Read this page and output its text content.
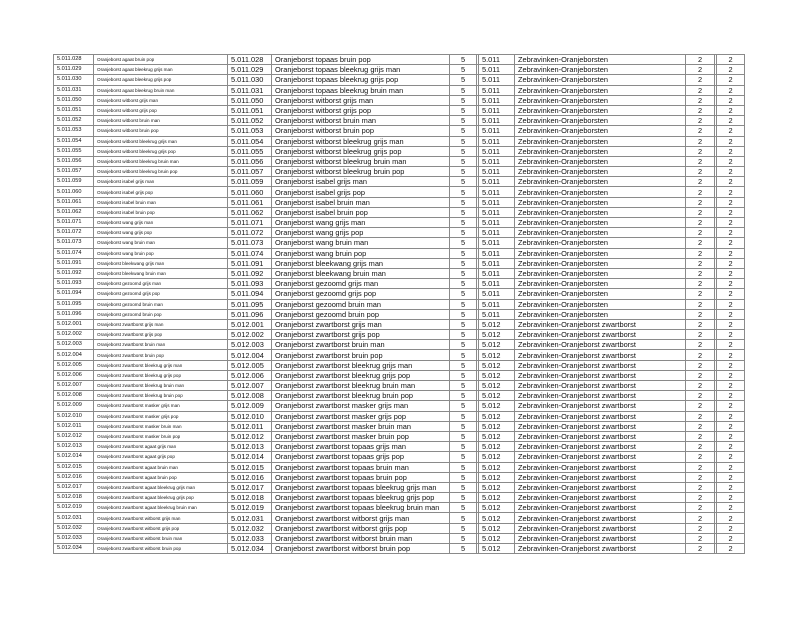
5.011.028	Oranjeborst agaat bruin pop	5.011.028	Oranjeborst topaas bruin pop	5		5.011	Zebravinken-Oranjeborsten	2		2
5.011.029	Oranjeborst agaat bleekrug grijs man	5.011.029	Oranjeborst topaas bleekrug grijs man	5		5.011	Zebravinken-Oranjeborsten	2		2
5.011.030	Oranjeborst agaat bleekrug grijs pop	5.011.030	Oranjeborst topaas bleekrug grijs pop	5		5.011	Zebravinken-Oranjeborsten	2		2
5.011.031	Oranjeborst agaat bleekrug bruin man	5.011.031	Oranjeborst topaas bleekrug bruin man	5		5.011	Zebravinken-Oranjeborsten	2		2
5.011.050	Oranjeborst witborst grijs man	5.011.050	Oranjeborst witborst grijs man	5		5.011	Zebravinken-Oranjeborsten	2		2
5.011.051	Oranjeborst witborst grijs pop	5.011.051	Oranjeborst witborst grijs pop	5		5.011	Zebravinken-Oranjeborsten	2		2
5.011.052	Oranjeborst witborst bruin man	5.011.052	Oranjeborst witborst bruin man	5		5.011	Zebravinken-Oranjeborsten	2		2
5.011.053	Oranjeborst witborst bruin pop	5.011.053	Oranjeborst witborst bruin pop	5		5.011	Zebravinken-Oranjeborsten	2		2
5.011.054	Oranjeborst witborst bleekrug grijs man	5.011.054	Oranjeborst witborst bleekrug grijs man	5		5.011	Zebravinken-Oranjeborsten	2		2
5.011.055	Oranjeborst witborst bleekrug grijs pop	5.011.055	Oranjeborst witborst bleekrug grijs pop	5		5.011	Zebravinken-Oranjeborsten	2		2
5.011.056	Oranjeborst witborst bleekrug bruin man	5.011.056	Oranjeborst witborst bleekrug bruin man	5		5.011	Zebravinken-Oranjeborsten	2		2
5.011.057	Oranjeborst witborst bleekrug bruin pop	5.011.057	Oranjeborst witborst bleekrug bruin pop	5		5.011	Zebravinken-Oranjeborsten	2		2
5.011.059	Oranjeborst isabel grijs man	5.011.059	Oranjeborst isabel grijs man	5		5.011	Zebravinken-Oranjeborsten	2		2
5.011.060	Oranjeborst isabel grijs pop	5.011.060	Oranjeborst isabel grijs pop	5		5.011	Zebravinken-Oranjeborsten	2		2
5.011.061	Oranjeborst isabel bruin man	5.011.061	Oranjeborst isabel bruin man	5		5.011	Zebravinken-Oranjeborsten	2		2
5.011.062	Oranjeborst isabel bruin pop	5.011.062	Oranjeborst isabel bruin pop	5		5.011	Zebravinken-Oranjeborsten	2		2
5.011.071	Oranjeborst wang grijs man	5.011.071	Oranjeborst wang grijs man	5		5.011	Zebravinken-Oranjeborsten	2		2
5.011.072	Oranjeborst wang grijs pop	5.011.072	Oranjeborst wang grijs pop	5		5.011	Zebravinken-Oranjeborsten	2		2
5.011.073	Oranjeborst wang bruin man	5.011.073	Oranjeborst wang bruin man	5		5.011	Zebravinken-Oranjeborsten	2		2
5.011.074	Oranjeborst wang bruin pop	5.011.074	Oranjeborst wang bruin pop	5		5.011	Zebravinken-Oranjeborsten	2		2
5.011.091	Oranjeborst bleekwang grijs man	5.011.091	Oranjeborst bleekwang grijs man	5		5.011	Zebravinken-Oranjeborsten	2		2
5.011.092	Oranjeborst bleekwang bruin man	5.011.092	Oranjeborst bleekwang bruin man	5		5.011	Zebravinken-Oranjeborsten	2		2
5.011.093	Oranjeborst gezoomd grijs man	5.011.093	Oranjeborst gezoomd grijs man	5		5.011	Zebravinken-Oranjeborsten	2		2
5.011.094	Oranjeborst gezoomd grijs pop	5.011.094	Oranjeborst gezoomd grijs pop	5		5.011	Zebravinken-Oranjeborsten	2		2
5.011.095	Oranjeborst gezoomd bruin man	5.011.095	Oranjeborst gezoomd bruin man	5		5.011	Zebravinken-Oranjeborsten	2		2
5.011.096	Oranjeborst gezoomd bruin pop	5.011.096	Oranjeborst gezoomd bruin pop	5		5.011	Zebravinken-Oranjeborsten	2		2
5.012.001	Oranjeborst zwartborst grijs man	5.012.001	Oranjeborst zwartborst grijs man	5		5.012	Zebravinken-Oranjeborst zwartborst	2		2
5.012.002	Oranjeborst zwartborst grijs pop	5.012.002	Oranjeborst zwartborst grijs pop	5		5.012	Zebravinken-Oranjeborst zwartborst	2		2
5.012.003	Oranjeborst zwartborst bruin man	5.012.003	Oranjeborst zwartborst bruin man	5		5.012	Zebravinken-Oranjeborst zwartborst	2		2
5.012.004	Oranjeborst zwartborst bruin pop	5.012.004	Oranjeborst zwartborst bruin pop	5		5.012	Zebravinken-Oranjeborst zwartborst	2		2
5.012.005	Oranjeborst zwartborst bleekrug grijs man	5.012.005	Oranjeborst zwartborst bleekrug grijs man	5		5.012	Zebravinken-Oranjeborst zwartborst	2		2
5.012.006	Oranjeborst zwartborst bleekrug grijs pop	5.012.006	Oranjeborst zwartborst bleekrug grijs pop	5		5.012	Zebravinken-Oranjeborst zwartborst	2		2
5.012.007	Oranjeborst zwartborst bleekrug bruin man	5.012.007	Oranjeborst zwartborst bleekrug bruin man	5		5.012	Zebravinken-Oranjeborst zwartborst	2		2
5.012.008	Oranjeborst zwartborst bleekrug bruin pop	5.012.008	Oranjeborst zwartborst bleekrug bruin pop	5		5.012	Zebravinken-Oranjeborst zwartborst	2		2
5.012.009	Oranjeborst zwartborst masker grijs man	5.012.009	Oranjeborst zwartborst masker grijs man	5		5.012	Zebravinken-Oranjeborst zwartborst	2		2
5.012.010	Oranjeborst zwartborst masker grijs pop	5.012.010	Oranjeborst zwartborst masker grijs pop	5		5.012	Zebravinken-Oranjeborst zwartborst	2		2
5.012.011	Oranjeborst zwartborst masker bruin man	5.012.011	Oranjeborst zwartborst masker bruin man	5		5.012	Zebravinken-Oranjeborst zwartborst	2		2
5.012.012	Oranjeborst zwartborst masker bruin pop	5.012.012	Oranjeborst zwartborst masker bruin pop	5		5.012	Zebravinken-Oranjeborst zwartborst	2		2
5.012.013	Oranjeborst zwartborst agaat grijs man	5.012.013	Oranjeborst zwartborst topaas grijs man	5		5.012	Zebravinken-Oranjeborst zwartborst	2		2
5.012.014	Oranjeborst zwartborst agaat grijs pop	5.012.014	Oranjeborst zwartborst topaas grijs pop	5		5.012	Zebravinken-Oranjeborst zwartborst	2		2
5.012.015	Oranjeborst zwartborst agaat bruin man	5.012.015	Oranjeborst zwartborst topaas bruin man	5		5.012	Zebravinken-Oranjeborst zwartborst	2		2
5.012.016	Oranjeborst zwartborst agaat bruin pop	5.012.016	Oranjeborst zwartborst topaas bruin pop	5		5.012	Zebravinken-Oranjeborst zwartborst	2		2
5.012.017	Oranjeborst zwartborst agaat bleekrug grijs man	5.012.017	Oranjeborst zwartborst topaas bleekrug grijs man	5		5.012	Zebravinken-Oranjeborst zwartborst	2		2
5.012.018	Oranjeborst zwartborst agaat bleekrug grijs pop	5.012.018	Oranjeborst zwartborst topaas bleekrug grijs pop	5		5.012	Zebravinken-Oranjeborst zwartborst	2		2
5.012.019	Oranjeborst zwartborst agaat bleekrug bruin man	5.012.019	Oranjeborst zwartborst topaas bleekrug bruin man	5		5.012	Zebravinken-Oranjeborst zwartborst	2		2
5.012.031	Oranjeborst zwartborst witborst grijs man	5.012.031	Oranjeborst zwartborst witborst grijs man	5		5.012	Zebravinken-Oranjeborst zwartborst	2		2
5.012.032	Oranjeborst zwartborst witborst grijs pop	5.012.032	Oranjeborst zwartborst witborst grijs pop	5		5.012	Zebravinken-Oranjeborst zwartborst	2		2
5.012.033	Oranjeborst zwartborst witborst bruin man	5.012.033	Oranjeborst zwartborst witborst bruin man	5		5.012	Zebravinken-Oranjeborst zwartborst	2		2
5.012.034	Oranjeborst zwartborst witborst bruin pop	5.012.034	Oranjeborst zwartborst witborst bruin pop	5		5.012	Zebravinken-Oranjeborst zwartborst	2		2
